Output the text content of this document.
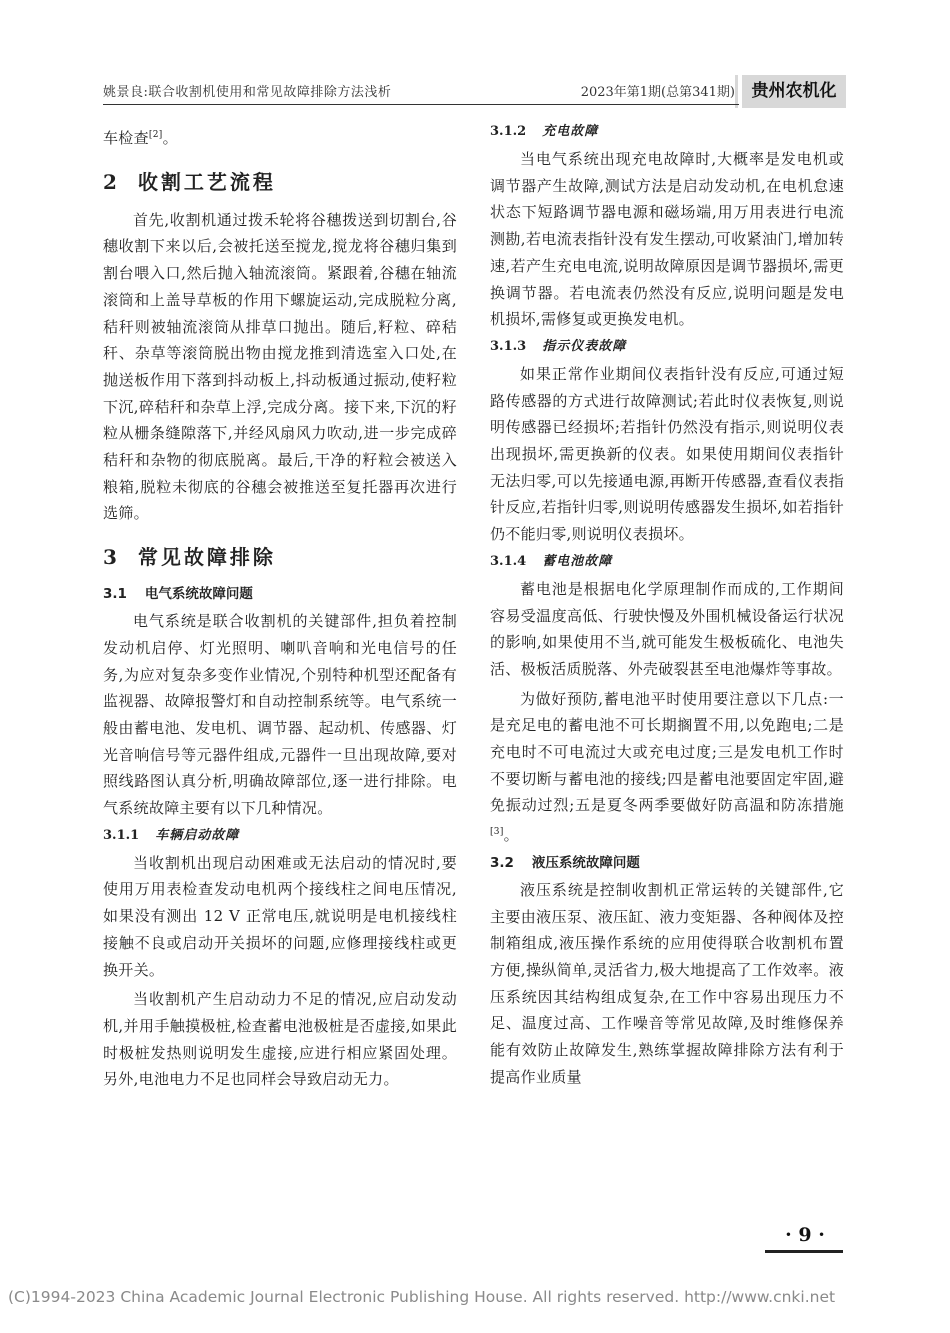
姚景良:联合收割机使用和常见故障排除方法浅析	2023年第1期(总第341期) 贵州农机化

车检查[2]。

2 收割工艺流程

首先,收割机通过拨禾轮将谷穗拨送到切割台,谷穗收割下来以后,会被托送至搅龙,搅龙将谷穗归集到割台喂入口,然后抛入轴流滚筒。紧跟着,谷穗在轴流滚筒和上盖导草板的作用下螺旋运动,完成脱粒分离,秸秆则被轴流滚筒从排草口抛出。随后,籽粒、碎秸秆、杂草等滚筒脱出物由搅龙推到清选室入口处,在抛送板作用下落到抖动板上,抖动板通过振动,使籽粒下沉,碎秸秆和杂草上浮,完成分离。接下来,下沉的籽粒从栅条缝隙落下,并经风扇风力吹动,进一步完成碎秸秆和杂物的彻底脱离。最后,干净的籽粒会被送入粮箱,脱粒未彻底的谷穗会被推送至复托器再次进行选筛。

3 常见故障排除
3.1 电气系统故障问题

电气系统是联合收割机的关键部件,担负着控制发动机启停、灯光照明、喇叭音响和光电信号的任务,为应对复杂多变作业情况,个别特种机型还配备有监视器、故障报警灯和自动控制系统等。电气系统一般由蓄电池、发电机、调节器、起动机、传感器、灯光音响信号等元器件组成,元器件一旦出现故障,要对照线路图认真分析,明确故障部位,逐一进行排除。电气系统故障主要有以下几种情况。

3.1.1 车辆启动故障

当收割机出现启动困难或无法启动的情况时,要使用万用表检查发动电机两个接线柱之间电压情况,如果没有测出 12 V 正常电压,就说明是电机接线柱接触不良或启动开关损坏的问题,应修理接线柱或更换开关。

当收割机产生启动动力不足的情况,应启动发动机,并用手触摸极桩,检查蓄电池极桩是否虚接,如果此时极桩发热则说明发生虚接,应进行相应紧固处理。另外,电池电力不足也同样会导致启动无力。

3.1.2 充电故障

当电气系统出现充电故障时,大概率是发电机或调节器产生故障,测试方法是启动发动机,在电机怠速状态下短路调节器电源和磁场端,用万用表进行电流测勘,若电流表指针没有发生摆动,可收紧油门,增加转速,若产生充电电流,说明故障原因是调节器损坏,需更换调节器。若电流表仍然没有反应,说明问题是发电机损坏,需修复或更换发电机。

3.1.3 指示仪表故障

如果正常作业期间仪表指针没有反应,可通过短路传感器的方式进行故障测试;若此时仪表恢复,则说明传感器已经损坏;若指针仍然没有指示,则说明仪表出现损坏,需更换新的仪表。如果使用期间仪表指针无法归零,可以先接通电源,再断开传感器,查看仪表指针反应,若指针归零,则说明传感器发生损坏,如若指针仍不能归零,则说明仪表损坏。

3.1.4 蓄电池故障

蓄电池是根据电化学原理制作而成的,工作期间容易受温度高低、行驶快慢及外围机械设备运行状况的影响,如果使用不当,就可能发生极板硫化、电池失活、极板活质脱落、外壳破裂甚至电池爆炸等事故。

为做好预防,蓄电池平时使用要注意以下几点:一是充足电的蓄电池不可长期搁置不用,以免跑电;二是充电时不可电流过大或充电过度;三是发电机工作时不要切断与蓄电池的接线;四是蓄电池要固定牢固,避免振动过烈;五是夏冬两季要做好防高温和防冻措施[3]。

3.2 液压系统故障问题

液压系统是控制收割机正常运转的关键部件,它主要由液压泵、液压缸、液力变矩器、各种阀体及控制箱组成,液压操作系统的应用使得联合收割机布置方便,操纵简单,灵活省力,极大地提高了工作效率。液压系统因其结构组成复杂,在工作中容易出现压力不足、温度过高、工作噪音等常见故障,及时维修保养能有效防止故障发生,熟练掌握故障排除方法有利于提高作业质量

· 9 ·
(C)1994-2023 China Academic Journal Electronic Publishing House. All rights reserved. http://www.cnki.net
